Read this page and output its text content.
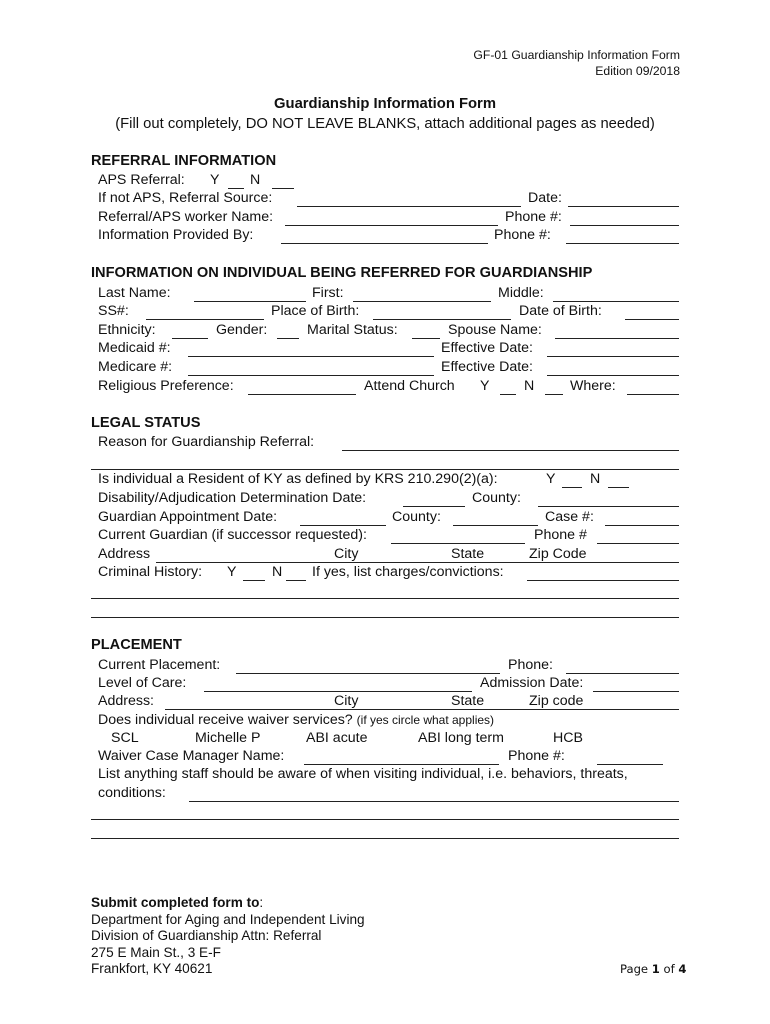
GF-01 Guardianship Information Form
Edition 09/2018
Guardianship Information Form
(Fill out completely, DO NOT LEAVE BLANKS, attach additional pages as needed)
REFERRAL INFORMATION
APS Referral: Y N
If not APS, Referral Source:	Date:
Referral/APS worker Name:	Phone #:
Information Provided By:	Phone #:
INFORMATION ON INDIVIDUAL BEING REFERRED FOR GUARDIANSHIP
Last Name:	First:	Middle:
SS#:	Place of Birth:	Date of Birth:
Ethnicity:	Gender:	Marital Status:	Spouse Name:
Medicaid #:	Effective Date:
Medicare #:	Effective Date:
Religious Preference:	Attend Church Y N	Where:
LEGAL STATUS
Reason for Guardianship Referral:
Is individual a Resident of KY as defined by KRS 210.290(2)(a):	Y N
Disability/Adjudication Determination Date:	County:
Guardian Appointment Date:	County:	Case #:
Current Guardian (if successor requested):	Phone #
Address	City	State	Zip Code
Criminal History: Y	N If yes, list charges/convictions:
PLACEMENT
Current Placement:	Phone:
Level of Care:	Admission Date:
Address:	City	State	Zip code
Does individual receive waiver services? (if yes circle what applies)
SCL	Michelle P	ABI acute	ABI long term	HCB
Waiver Case Manager Name:	Phone #:
List anything staff should be aware of when visiting individual, i.e. behaviors, threats,
conditions:
Submit completed form to:
Department for Aging and Independent Living
Division of Guardianship Attn: Referral
275 E Main St., 3 E-F
Frankfort, KY 40621	Page 1 of 4
